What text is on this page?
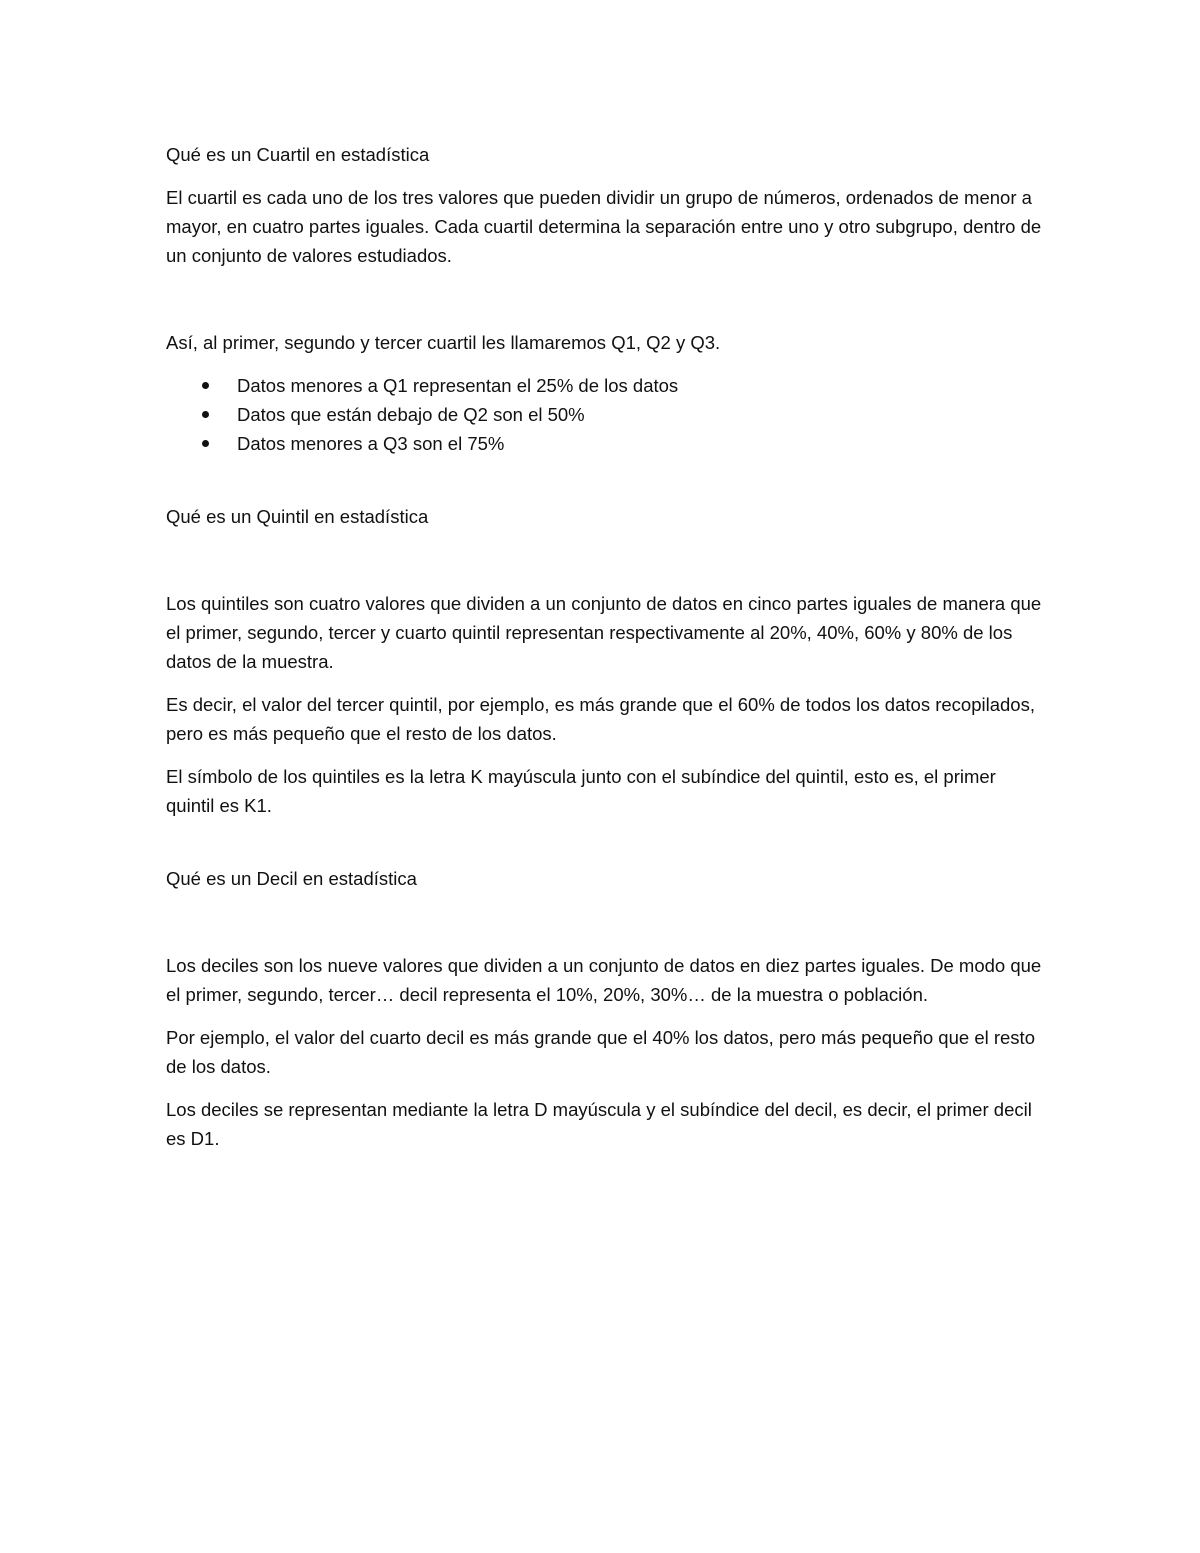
Qué es un Cuartil en estadística

El cuartil es cada uno de los tres valores que pueden dividir un grupo de números, ordenados de menor a mayor, en cuatro partes iguales. Cada cuartil determina la separación entre uno y otro subgrupo, dentro de un conjunto de valores estudiados.

Así, al primer, segundo y tercer cuartil les llamaremos Q1, Q2 y Q3.

Datos menores a Q1 representan el 25% de los datos
Datos que están debajo de Q2 son el 50%
Datos menores a Q3 son el 75%

Qué es un Quintil en estadística

Los quintiles son cuatro valores que dividen a un conjunto de datos en cinco partes iguales de manera que el primer, segundo, tercer y cuarto quintil representan respectivamente al 20%, 40%, 60% y 80% de los datos de la muestra.

Es decir, el valor del tercer quintil, por ejemplo, es más grande que el 60% de todos los datos recopilados, pero es más pequeño que el resto de los datos.

El símbolo de los quintiles es la letra K mayúscula junto con el subíndice del quintil, esto es, el primer quintil es K1.

Qué es un Decil en estadística

Los deciles son los nueve valores que dividen a un conjunto de datos en diez partes iguales. De modo que el primer, segundo, tercer… decil representa el 10%, 20%, 30%… de la muestra o población.

Por ejemplo, el valor del cuarto decil es más grande que el 40% los datos, pero más pequeño que el resto de los datos.

Los deciles se representan mediante la letra D mayúscula y el subíndice del decil, es decir, el primer decil es D1.
